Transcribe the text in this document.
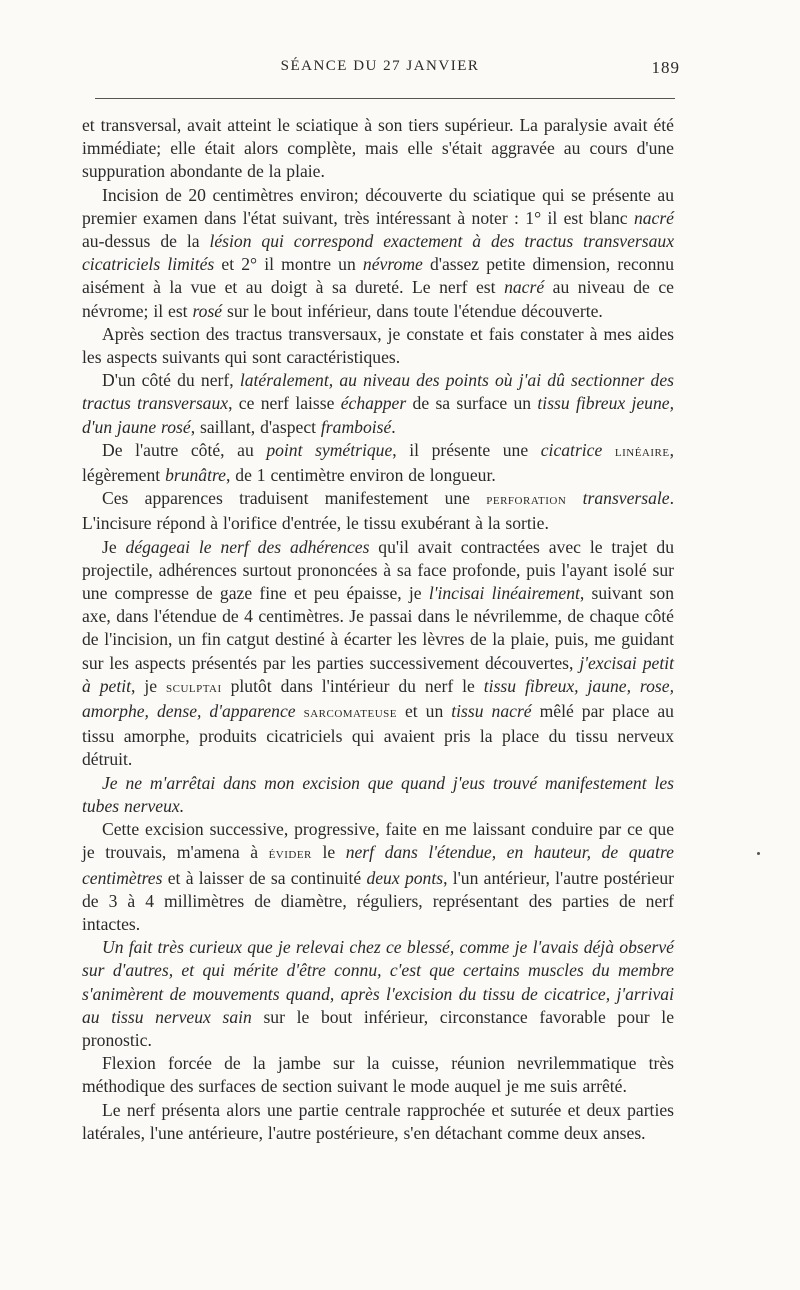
SÉANCE DU 27 JANVIER	189

et transversal, avait atteint le sciatique à son tiers supérieur. La paralysie avait été immédiate; elle était alors complète, mais elle s'était aggravée au cours d'une suppuration abondante de la plaie.

Incision de 20 centimètres environ; découverte du sciatique qui se présente au premier examen dans l'état suivant, très intéressant à noter : 1° il est blanc nacré au-dessus de la lésion qui correspond exactement à des tractus transversaux cicatriciels limités et 2° il montre un névrome d'assez petite dimension, reconnu aisément à la vue et au doigt à sa dureté. Le nerf est nacré au niveau de ce névrome; il est rosé sur le bout inférieur, dans toute l'étendue découverte.

Après section des tractus transversaux, je constate et fais constater à mes aides les aspects suivants qui sont caractéristiques.

D'un côté du nerf, latéralement, au niveau des points où j'ai dû sectionner des tractus transversaux, ce nerf laisse échapper de sa surface un tissu fibreux jeune, d'un jaune rosé, saillant, d'aspect framboisé.

De l'autre côté, au point symétrique, il présente une cicatrice linéaire, légèrement brunâtre, de 1 centimètre environ de longueur.

Ces apparences traduisent manifestement une perforation transversale. L'incisure répond à l'orifice d'entrée, le tissu exubérant à la sortie.

Je dégageai le nerf des adhérences qu'il avait contractées avec le trajet du projectile, adhérences surtout prononcées à sa face profonde, puis l'ayant isolé sur une compresse de gaze fine et peu épaisse, je l'incisai linéairement, suivant son axe, dans l'étendue de 4 centimètres. Je passai dans le névrilemme, de chaque côté de l'incision, un fin catgut destiné à écarter les lèvres de la plaie, puis, me guidant sur les aspects présentés par les parties successivement découvertes, j'excisai petit à petit, je sculptai plutôt dans l'intérieur du nerf le tissu fibreux, jaune, rose, amorphe, dense, d'apparence sarcomateuse et un tissu nacré mêlé par place au tissu amorphe, produits cicatriciels qui avaient pris la place du tissu nerveux détruit.

Je ne m'arrêtai dans mon excision que quand j'eus trouvé manifestement les tubes nerveux.

Cette excision successive, progressive, faite en me laissant conduire par ce que je trouvais, m'amena à évider le nerf dans l'étendue, en hauteur, de quatre centimètres et à laisser de sa continuité deux ponts, l'un antérieur, l'autre postérieur de 3 à 4 millimètres de diamètre, réguliers, représentant des parties de nerf intactes.

Un fait très curieux que je relevai chez ce blessé, comme je l'avais déjà observé sur d'autres, et qui mérite d'être connu, c'est que certains muscles du membre s'animèrent de mouvements quand, après l'excision du tissu de cicatrice, j'arrivai au tissu nerveux sain sur le bout inférieur, circonstance favorable pour le pronostic.

Flexion forcée de la jambe sur la cuisse, réunion nevrilemmatique très méthodique des surfaces de section suivant le mode auquel je me suis arrêté.

Le nerf présenta alors une partie centrale rapprochée et suturée et deux parties latérales, l'une antérieure, l'autre postérieure, s'en détachant comme deux anses.
